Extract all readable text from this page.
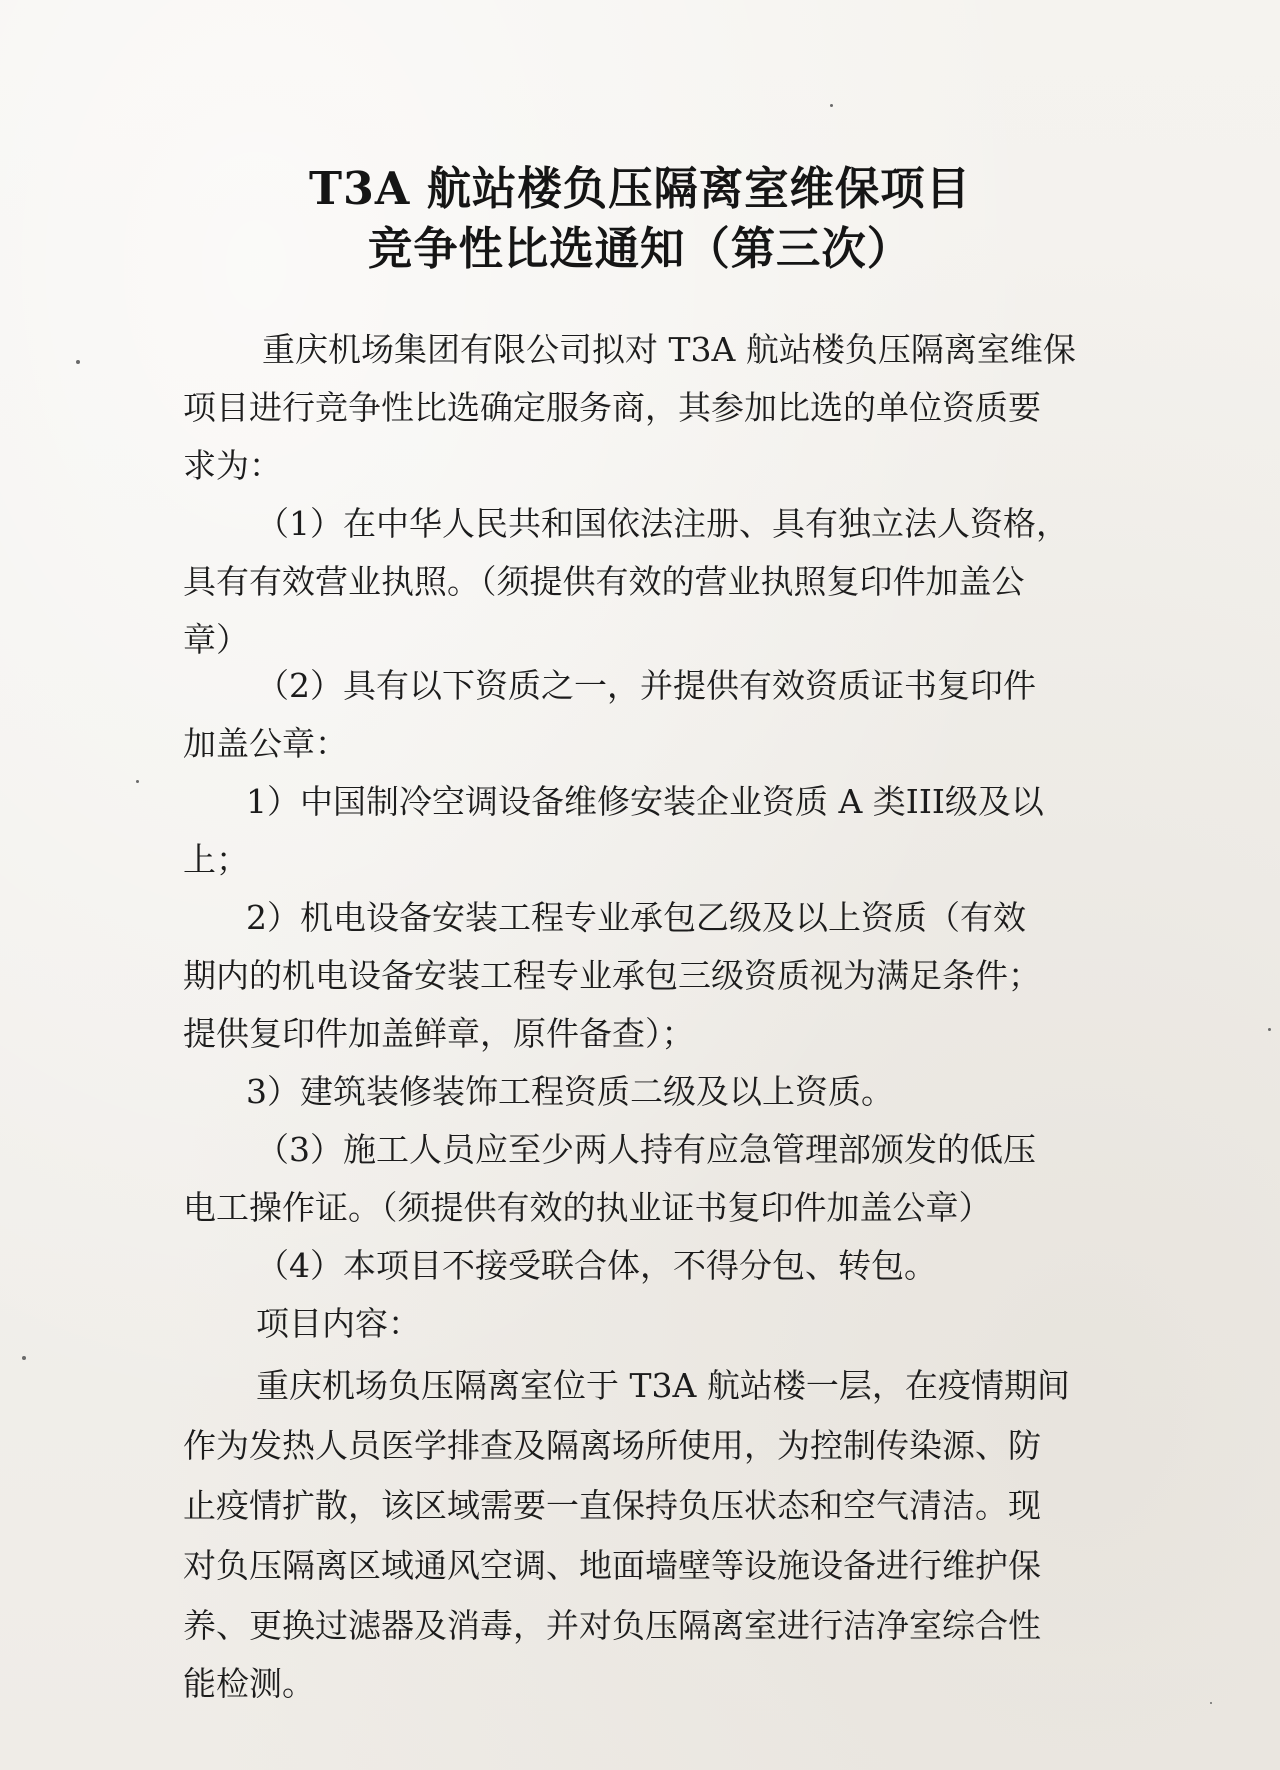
T3A 航站楼负压隔离室维保项目
竞争性比选通知（第三次）
重庆机场集团有限公司拟对 T3A 航站楼负压隔离室维保
项目进行竞争性比选确定服务商，其参加比选的单位资质要
求为：
（1）在中华人民共和国依法注册、具有独立法人资格，
具有有效营业执照。（须提供有效的营业执照复印件加盖公
章）
（2）具有以下资质之一，并提供有效资质证书复印件
加盖公章：
1）中国制冷空调设备维修安装企业资质 A 类III级及以
上；
2）机电设备安装工程专业承包乙级及以上资质（有效
期内的机电设备安装工程专业承包三级资质视为满足条件；
提供复印件加盖鲜章，原件备查）；
3）建筑装修装饰工程资质二级及以上资质。
（3）施工人员应至少两人持有应急管理部颁发的低压
电工操作证。（须提供有效的执业证书复印件加盖公章）
（4）本项目不接受联合体，不得分包、转包。
项目内容：
重庆机场负压隔离室位于 T3A 航站楼一层，在疫情期间
作为发热人员医学排查及隔离场所使用，为控制传染源、防
止疫情扩散，该区域需要一直保持负压状态和空气清洁。现
对负压隔离区域通风空调、地面墙壁等设施设备进行维护保
养、更换过滤器及消毒，并对负压隔离室进行洁净室综合性
能检测。
